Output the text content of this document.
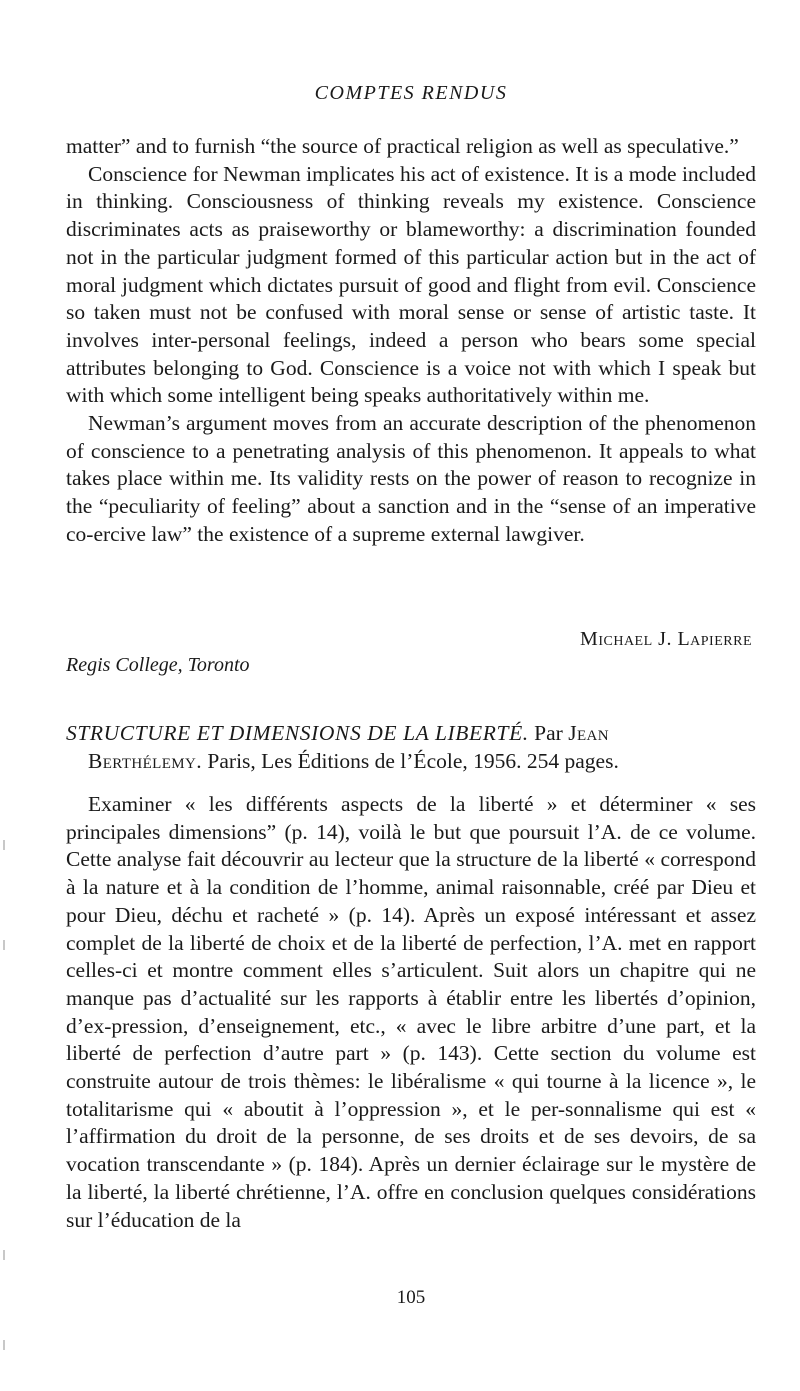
COMPTES RENDUS

matter” and to furnish “the source of practical religion as well as speculative.”

Conscience for Newman implicates his act of existence. It is a mode included in thinking. Consciousness of thinking reveals my existence. Conscience discriminates acts as praiseworthy or blameworthy: a discrimination founded not in the particular judgment formed of this particular action but in the act of moral judgment which dictates pursuit of good and flight from evil. Conscience so taken must not be confused with moral sense or sense of artistic taste. It involves inter-personal feelings, indeed a person who bears some special attributes belonging to God. Conscience is a voice not with which I speak but with which some intelligent being speaks authoritatively within me.

Newman’s argument moves from an accurate description of the phenomenon of conscience to a penetrating analysis of this phenomenon. It appeals to what takes place within me. Its validity rests on the power of reason to recognize in the “peculiarity of feeling” about a sanction and in the “sense of an imperative co-ercive law” the existence of a supreme external lawgiver.

Michael J. Lapierre
Regis College, Toronto
STRUCTURE ET DIMENSIONS DE LA LIBERTÉ. Par Jean
Berthélemy. Paris, Les Éditions de l’École, 1956. 254 pages.

Examiner « les différents aspects de la liberté » et déterminer « ses principales dimensions” (p. 14), voilà le but que poursuit l’A. de ce volume. Cette analyse fait découvrir au lecteur que la structure de la liberté « correspond à la nature et à la condition de l’homme, animal raisonnable, créé par Dieu et pour Dieu, déchu et racheté » (p. 14). Après un exposé intéressant et assez complet de la liberté de choix et de la liberté de perfection, l’A. met en rapport celles-ci et montre comment elles s’articulent. Suit alors un chapitre qui ne manque pas d’actualité sur les rapports à établir entre les libertés d’opinion, d’ex-pression, d’enseignement, etc., « avec le libre arbitre d’une part, et la liberté de perfection d’autre part » (p. 143). Cette section du volume est construite autour de trois thèmes: le libéralisme « qui tourne à la licence », le totalitarisme qui « aboutit à l’oppression », et le per-sonnalisme qui est « l’affirmation du droit de la personne, de ses droits et de ses devoirs, de sa vocation transcendante » (p. 184). Après un dernier éclairage sur le mystère de la liberté, la liberté chrétienne, l’A. offre en conclusion quelques considérations sur l’éducation de la

105
